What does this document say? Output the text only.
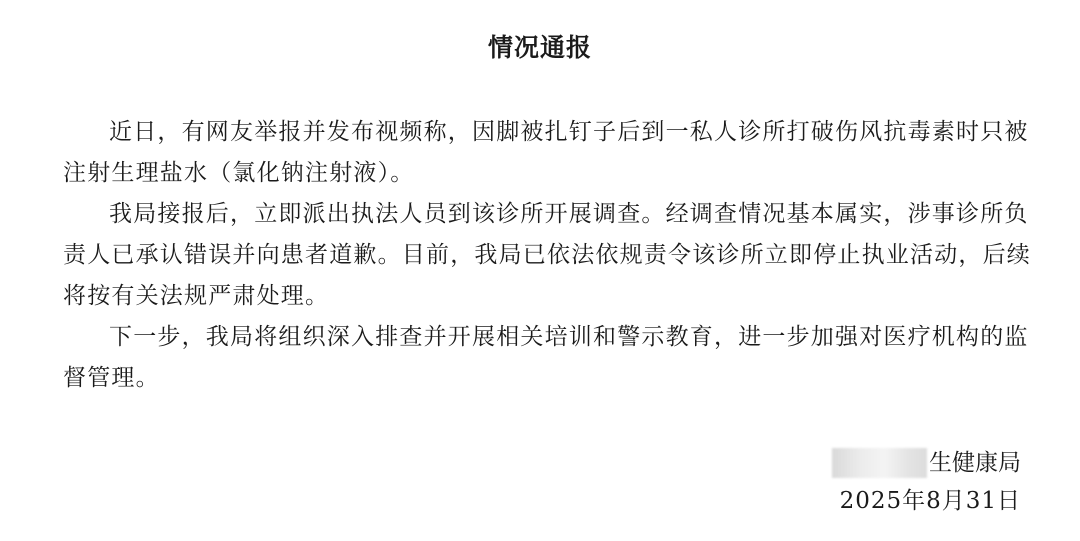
情况通报

近日，有网友举报并发布视频称，因脚被扎钉子后到一私人诊所打破伤风抗毒素时只被注射生理盐水（氯化钠注射液）。

我局接报后，立即派出执法人员到该诊所开展调查。经调查情况基本属实，涉事诊所负责人已承认错误并向患者道歉。目前，我局已依法依规责令该诊所立即停止执业活动，后续将按有关法规严肃处理。

下一步，我局将组织深入排查并开展相关培训和警示教育，进一步加强对医疗机构的监督管理。

生健康局
2025年8月31日
